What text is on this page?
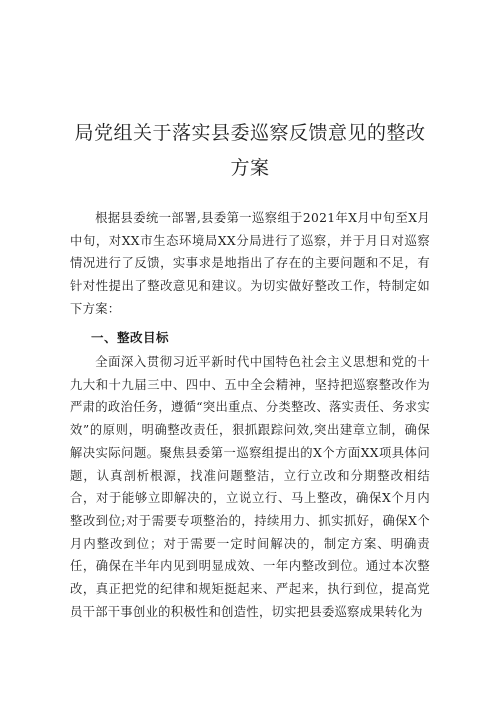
局党组关于落实县委巡察反馈意见的整改
方案

根据县委统一部署,县委第一巡察组于2021年X月中旬至X月中旬，对XX市生态环境局XX分局进行了巡察，并于月日对巡察情况进行了反馈，实事求是地指出了存在的主要问题和不足，有针对性提出了整改意见和建议。为切实做好整改工作，特制定如下方案：

一、整改目标

全面深入贯彻习近平新时代中国特色社会主义思想和党的十九大和十九届三中、四中、五中全会精神，坚持把巡察整改作为严肃的政治任务，遵循“突出重点、分类整改、落实责任、务求实效”的原则，明确整改责任，狠抓跟踪问效,突出建章立制，确保解决实际问题。聚焦县委第一巡察组提出的X个方面XX项具体问题，认真剖析根源，找准问题整洁，立行立改和分期整改相结合，对于能够立即解决的，立说立行、马上整改，确保X个月内整改到位;对于需要专项整治的，持续用力、抓实抓好，确保X个月内整改到位；对于需要一定时间解决的，制定方案、明确责任，确保在半年内见到明显成效、一年内整改到位。通过本次整改，真正把党的纪律和规矩挺起来、严起来，执行到位，提高党员干部干事创业的积极性和创造性，切实把县委巡察成果转化为
